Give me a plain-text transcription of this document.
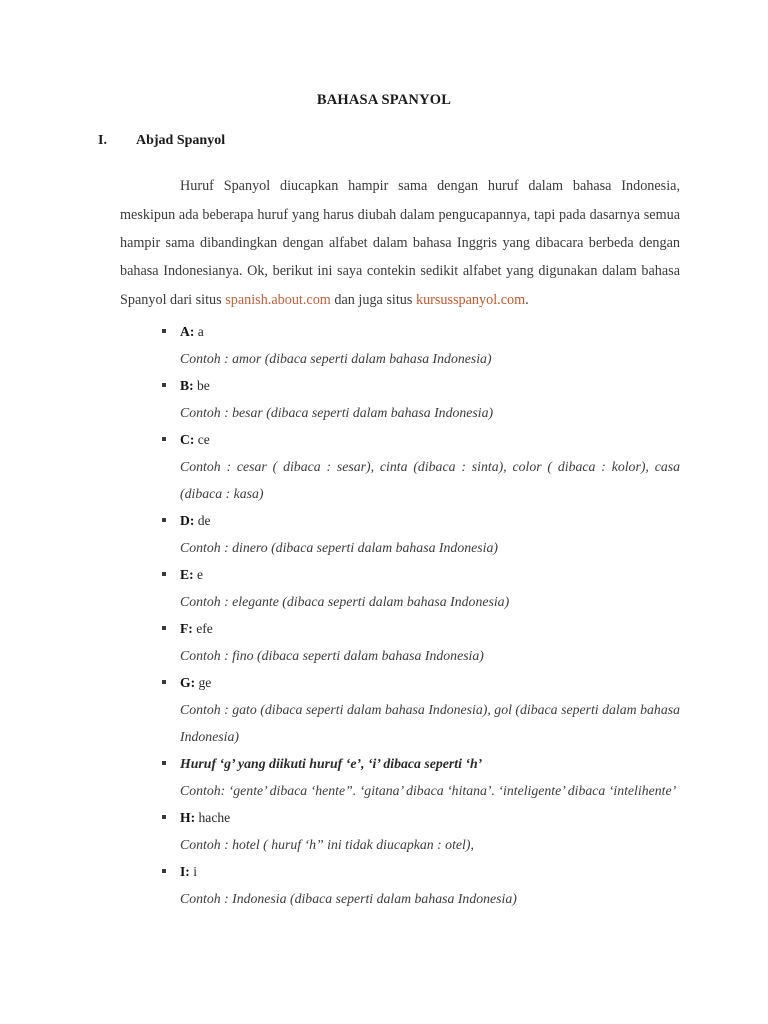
BAHASA SPANYOL
I. Abjad Spanyol

Huruf Spanyol diucapkan hampir sama dengan huruf dalam bahasa Indonesia, meskipun ada beberapa huruf yang harus diubah dalam pengucapannya, tapi pada dasarnya semua hampir sama dibandingkan dengan alfabet dalam bahasa Inggris yang dibacara berbeda dengan bahasa Indonesianya. Ok, berikut ini saya contekin sedikit alfabet yang digunakan dalam bahasa Spanyol dari situs spanish.about.com dan juga situs kursusspanyol.com.

A: a
Contoh : amor (dibaca seperti dalam bahasa Indonesia)
B: be
Contoh : besar (dibaca seperti dalam bahasa Indonesia)
C: ce
Contoh : cesar ( dibaca : sesar), cinta (dibaca : sinta), color ( dibaca : kolor), casa (dibaca : kasa)
D: de
Contoh : dinero (dibaca seperti dalam bahasa Indonesia)
E: e
Contoh : elegante (dibaca seperti dalam bahasa Indonesia)
F: efe
Contoh : fino (dibaca seperti dalam bahasa Indonesia)
G: ge
Contoh : gato (dibaca seperti dalam bahasa Indonesia), gol (dibaca seperti dalam bahasa Indonesia)
Huruf ‘g’ yang diikuti huruf ‘e’, ‘i’ dibaca seperti ‘h’
Contoh: ‘gente’ dibaca ‘hente”. ‘gitana’ dibaca ‘hitana’. ‘inteligente’ dibaca ‘intelihente’
H: hache
Contoh : hotel ( huruf ‘h” ini tidak diucapkan : otel),
I: i
Contoh : Indonesia (dibaca seperti dalam bahasa Indonesia)
